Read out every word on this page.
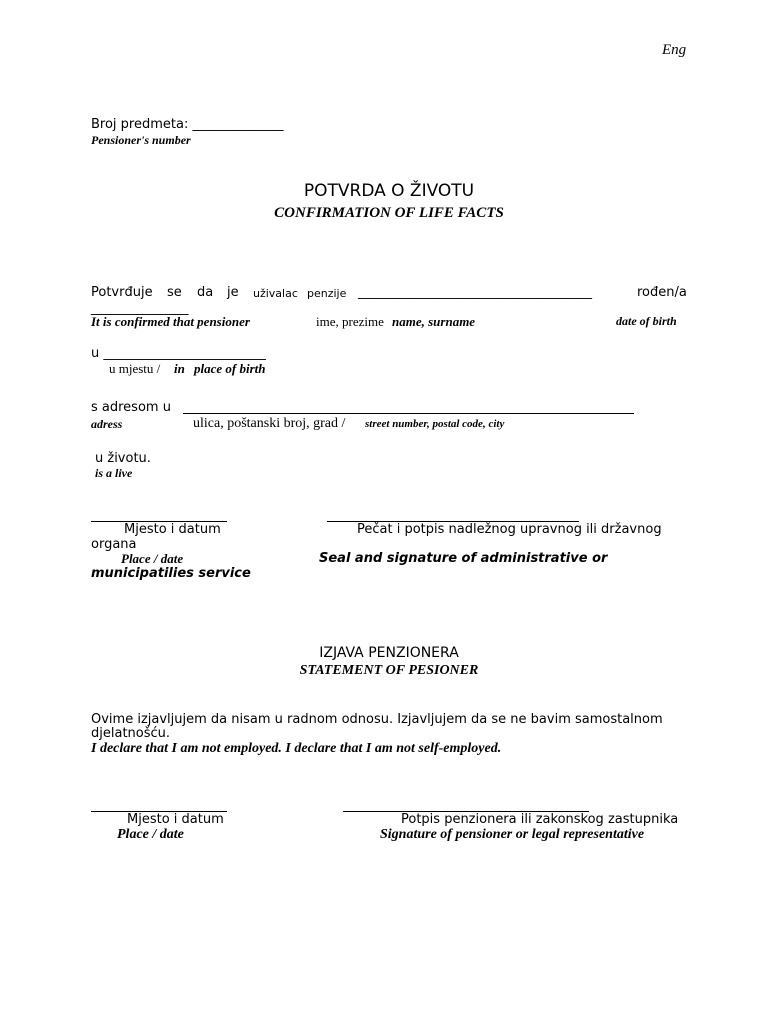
Eng
Broj predmeta: ______________
Pensioner's number
POTVRDA O ŽIVOTU
CONFIRMATION OF LIFE FACTS
Potvrđuje se da je uživalac penzije ____________________________________	rođen/a
_______________
It is confirmed that pensioner	ime, prezime name, surname	date of birth
u _________________________
u mjestu / in place of birth
s adresom u
adress	ulica, poštanski broj, grad / street number, postal code, city
u životu.
is a live
Mjesto i datum	Pečat i potpis nadležnog upravnog ili državnog
organa
Place / date	Seal and signature of administrative or
municipatilies service
IZJAVA PENZIONERA
STATEMENT OF PESIONER
Ovime izjavljujem da nisam u radnom odnosu. Izjavljujem da se ne bavim samostalnom
djelatnošću.
I declare that I am not employed. I declare that I am not self-employed.
Mjesto i datum	Potpis penzionera ili zakonskog zastupnika
Place / date	Signature of pensioner or legal representative
